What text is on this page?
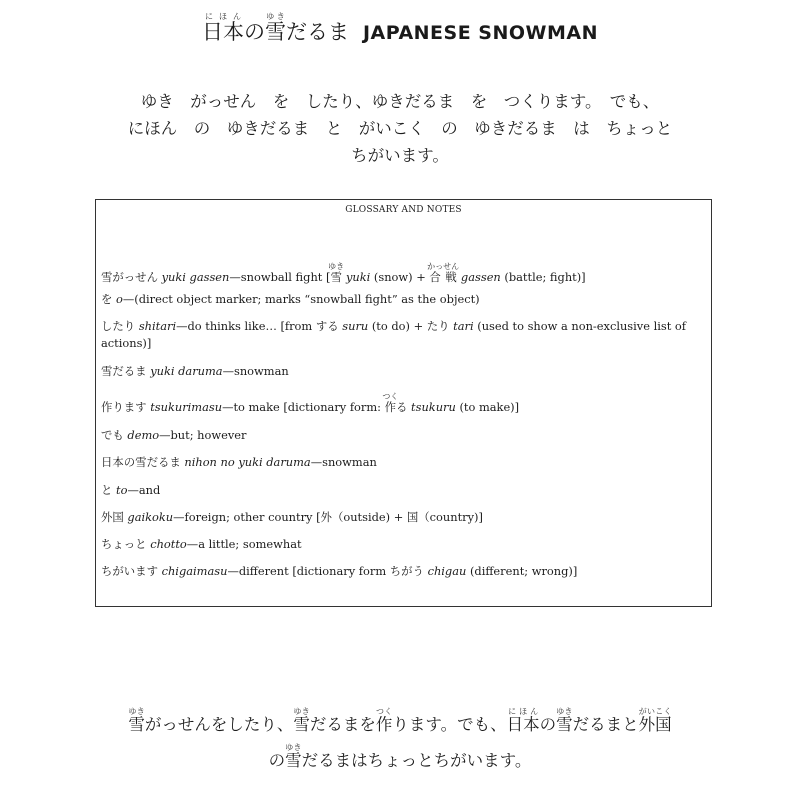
日本にほんの雪ゆきだるま JAPANESE SNOWMAN
ゆき　がっせん　を　したり、ゆきだるま　を　つくります。　でも、
にほん　の　ゆきだるま　と　がいこく　の　ゆきだるま　は　ちょっと
ちがいます。
GLOSSARY AND NOTES
雪がっせん yuki gassen—snowball fight [雪ゆき yuki (snow) + 合戦かっせん gassen (battle; fight)]
を o—(direct object marker; marks “snowball fight” as the object)
したり shitari—do thinks like… [from する suru (to do) + たり tari (used to show a non-exclusive list of actions)]
雪だるま yuki daruma—snowman
作ります tsukurimasu—to make [dictionary form: 作つくる tsukuru (to make)]
でも demo—but; however
日本の雪だるま nihon no yuki daruma—snowman
と to—and
外国 gaikoku—foreign; other country [外（outside) + 国（country)]
ちょっと chotto—a little; somewhat
ちがいます chigaimasu—different [dictionary form ちがう chigau (different; wrong)]
雪ゆきがっせんをしたり、雪ゆきだるまを作つくります。でも、日本にほんの雪ゆきだるまと外国がいこく
の雪ゆきだるまはちょっとちがいます。
